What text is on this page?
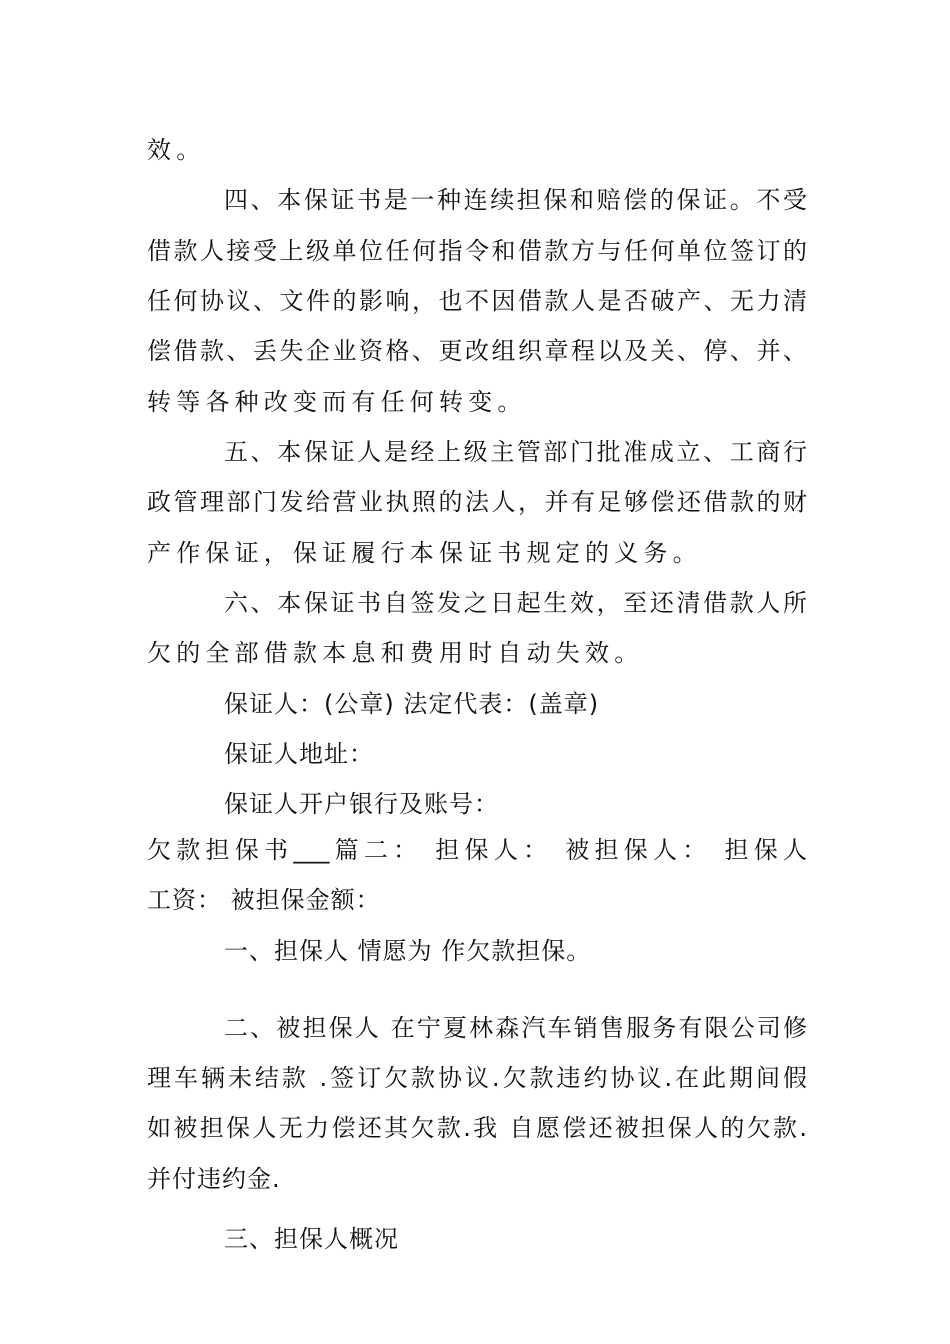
效。
四、本保证书是一种连续担保和赔偿的保证。不受
借款人接受上级单位任何指令和借款方与任何单位签订的
任何协议、文件的影响，也不因借款人是否破产、无力清
偿借款、丢失企业资格、更改组织章程以及关、停、并、
转等各种改变而有任何转变。
五、本保证人是经上级主管部门批准成立、工商行
政管理部门发给营业执照的法人，并有足够偿还借款的财
产作保证，保证履行本保证书规定的义务。
六、本保证书自签发之日起生效，至还清借款人所
欠的全部借款本息和费用时自动失效。
保证人：(公章) 法定代表：(盖章)
保证人地址：
保证人开户银行及账号：
欠款担保书___篇二： 担保人： 被担保人： 担保人
工资： 被担保金额：
一、担保人 情愿为 作欠款担保。
二、被担保人 在宁夏林森汽车销售服务有限公司修
理车辆未结款 .签订欠款协议.欠款违约协议.在此期间假
如被担保人无力偿还其欠款.我 自愿偿还被担保人的欠款.
并付违约金.
三、担保人概况
